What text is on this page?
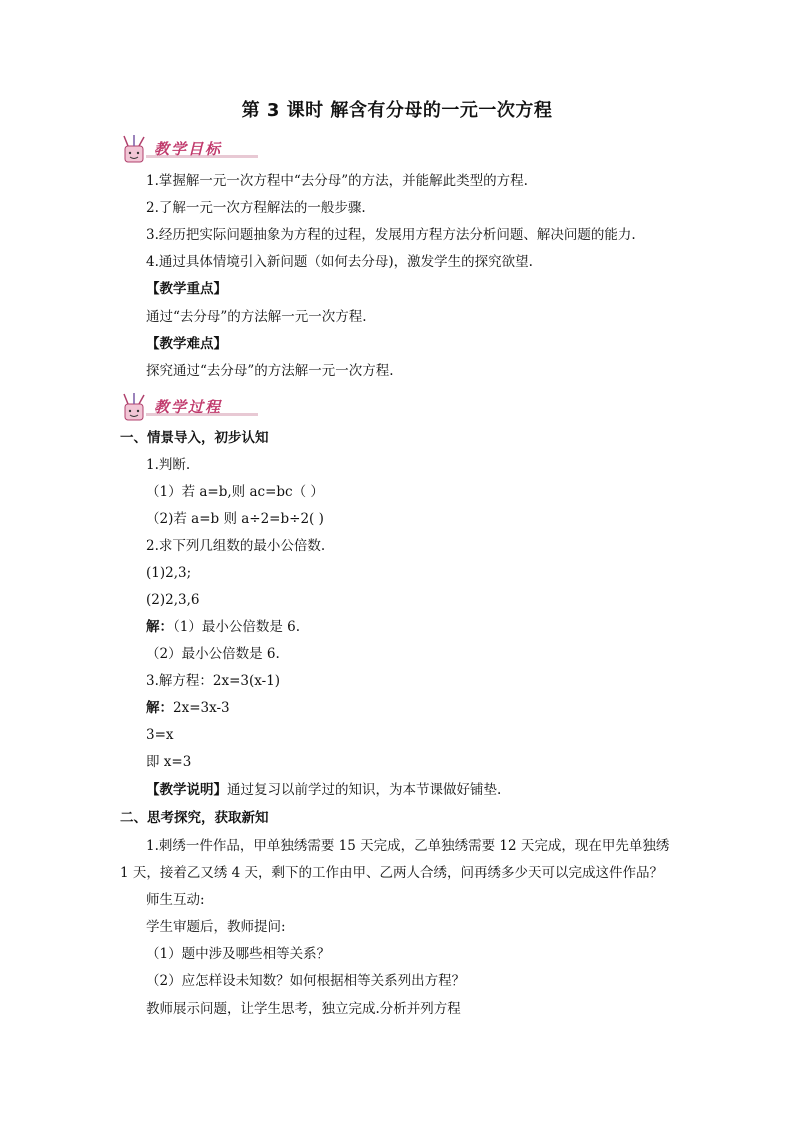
第 3 课时 解含有分母的一元一次方程
教学目标
1.掌握解一元一次方程中“去分母”的方法，并能解此类型的方程.
2.了解一元一次方程解法的一般步骤.
3.经历把实际问题抽象为方程的过程，发展用方程方法分析问题、解决问题的能力.
4.通过具体情境引入新问题（如何去分母)，激发学生的探究欲望.
【教学重点】
通过“去分母”的方法解一元一次方程.
【教学难点】
探究通过“去分母”的方法解一元一次方程.
教学过程
一、情景导入，初步认知
1.判断.
（1）若 a=b,则 ac=bc（ ）
（2)若 a=b 则 a÷2=b÷2( )
2.求下列几组数的最小公倍数.
(1)2,3;
(2)2,3,6
解：（1）最小公倍数是 6.
（2）最小公倍数是 6.
3.解方程：2x=3(x-1)
解：2x=3x-3
3=x
即 x=3
【教学说明】通过复习以前学过的知识，为本节课做好铺垫.
二、思考探究，获取新知
1.刺绣一件作品，甲单独绣需要 15 天完成，乙单独绣需要 12 天完成，现在甲先单独绣
1 天，接着乙又绣 4 天，剩下的工作由甲、乙两人合绣，问再绣多少天可以完成这件作品？
师生互动:
学生审题后，教师提问:
（1）题中涉及哪些相等关系？
（2）应怎样设未知数？如何根据相等关系列出方程？
教师展示问题，让学生思考，独立完成.分析并列方程
